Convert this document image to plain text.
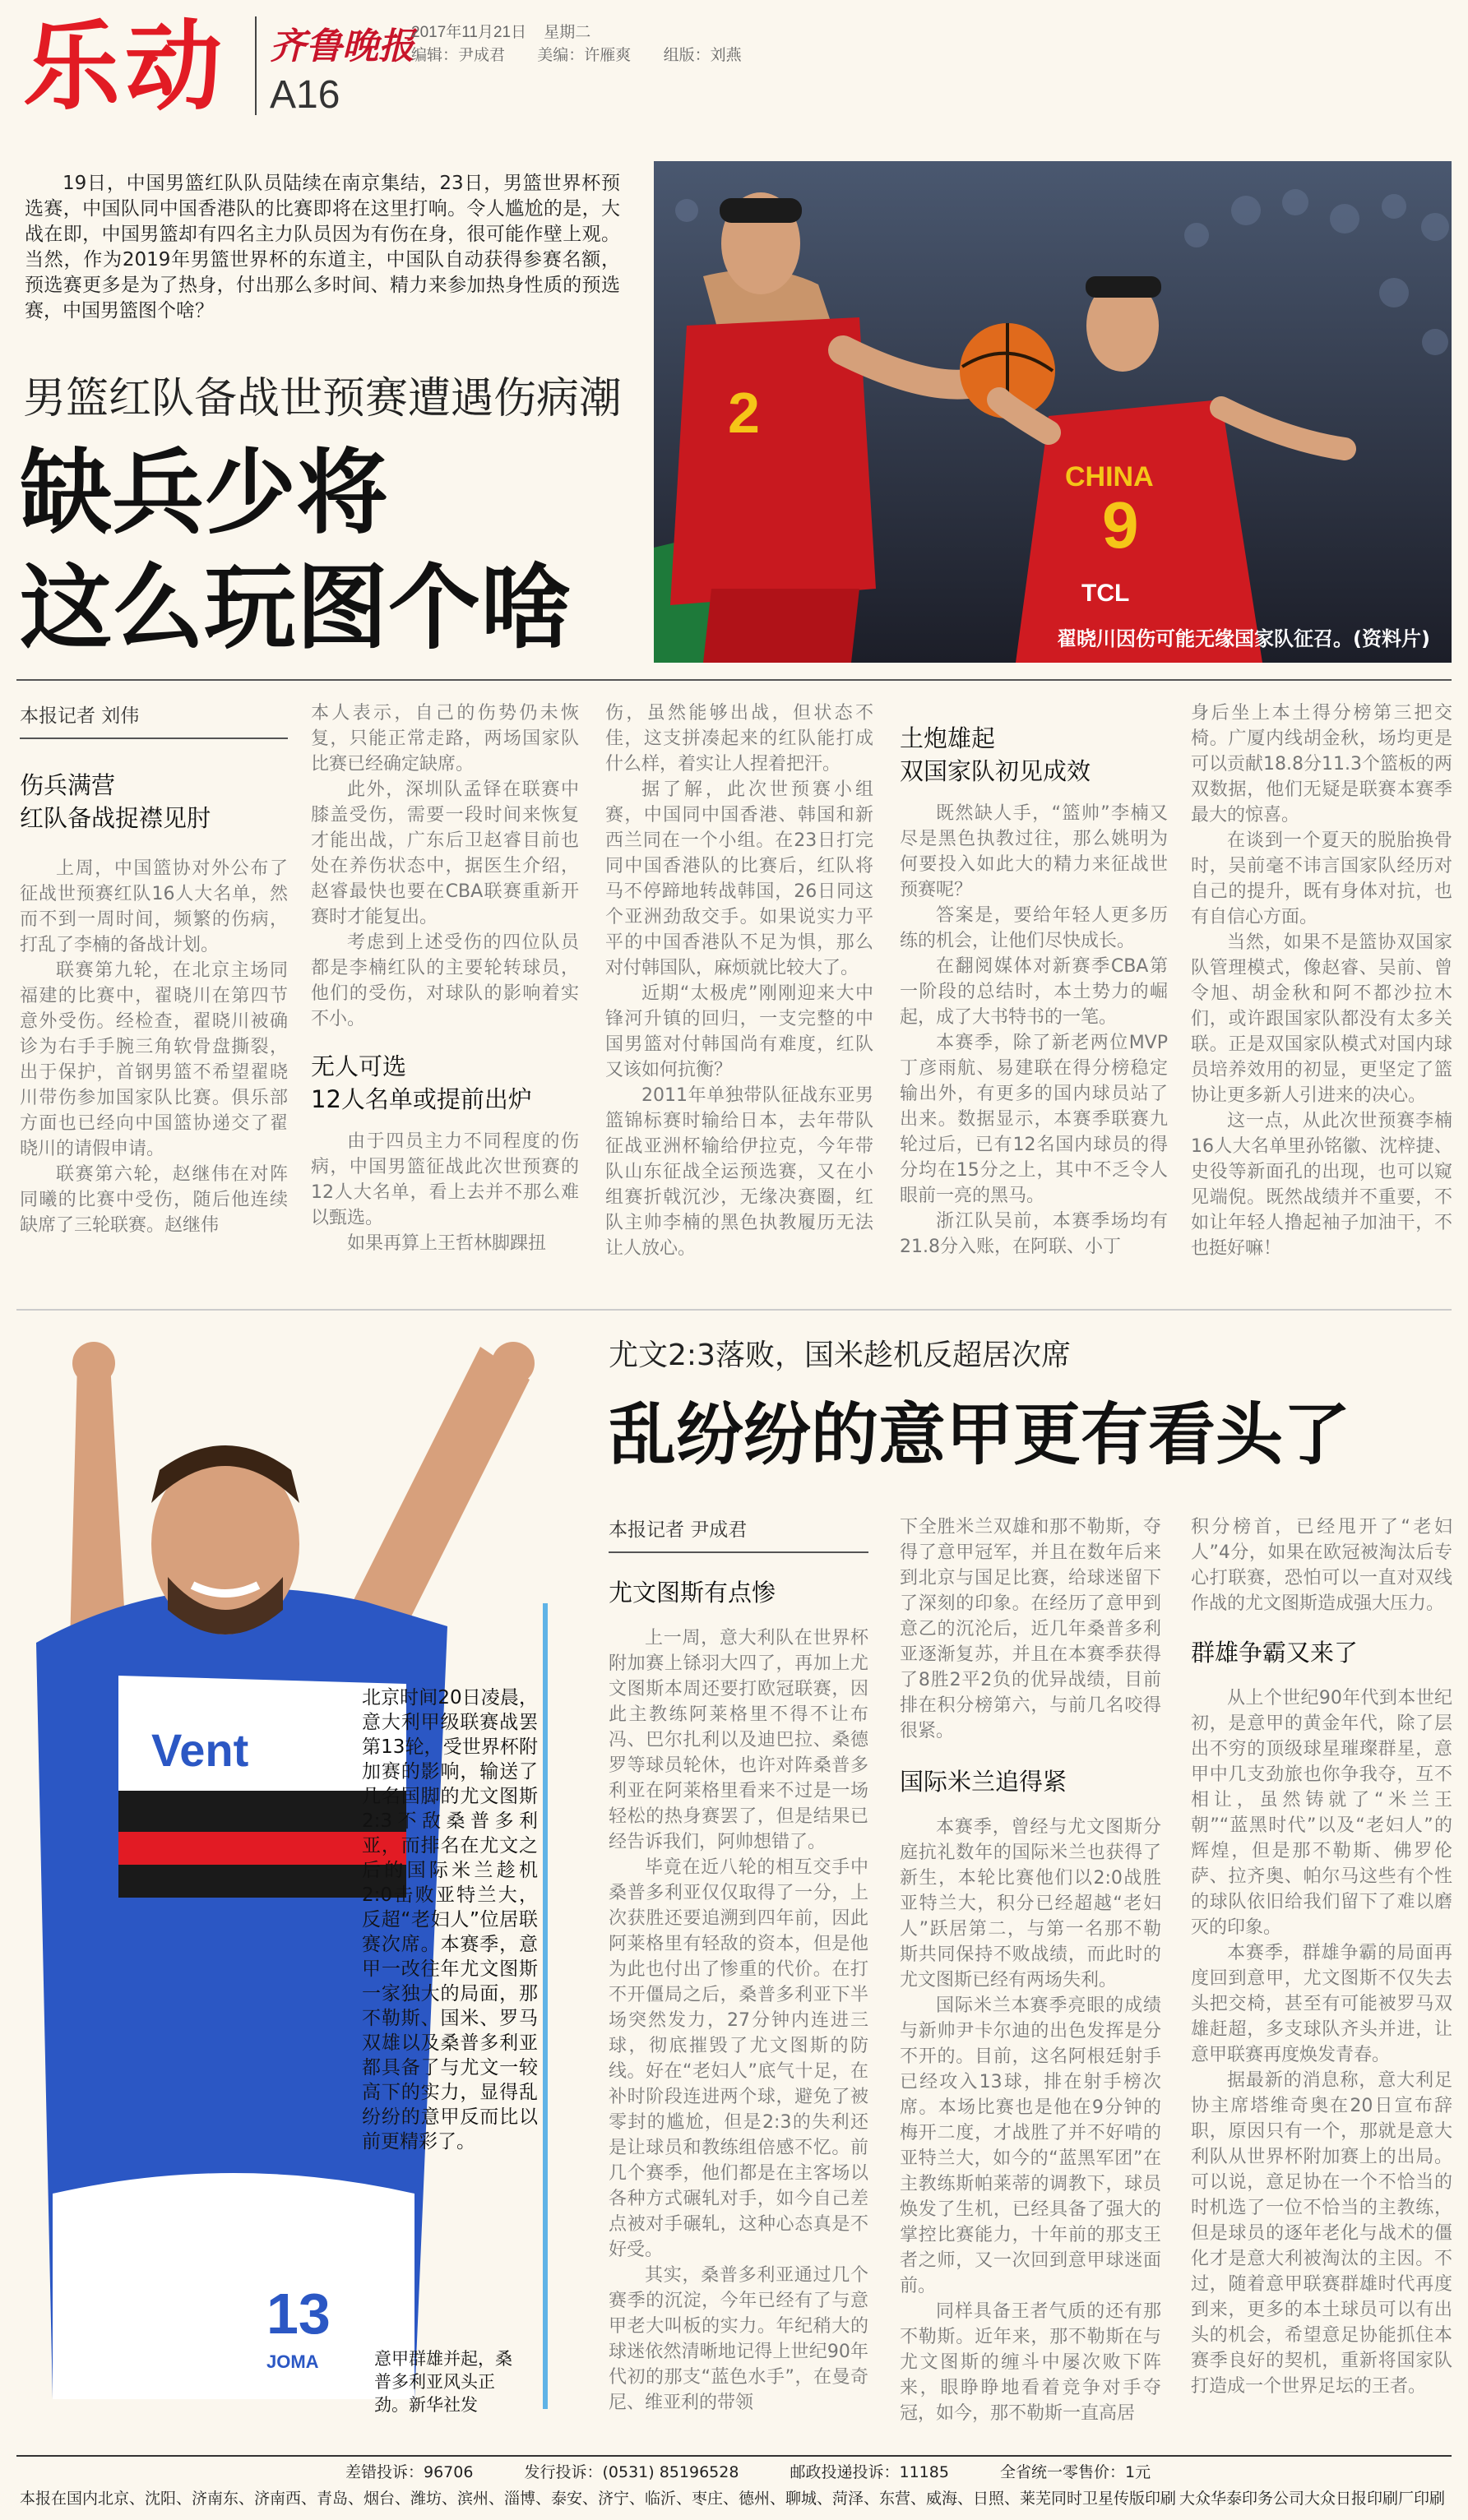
乐动	齐鲁晚报
A16
2017年11月21日 星期二
编辑：尹成君 美编：许雁爽 组版：刘燕
19日，中国男篮红队队员陆续在南京集结，23日，男篮世界杯预选赛，中国队同中国香港队的比赛即将在这里打响。令人尴尬的是，大战在即，中国男篮却有四名主力队员因为有伤在身，很可能作壁上观。当然，作为2019年男篮世界杯的东道主，中国队自动获得参赛名额，预选赛更多是为了热身，付出那么多时间、精力来参加热身性质的预选赛，中国男篮图个啥？
2
CHINA
9
TCL
翟晓川因伤可能无缘国家队征召。(资料片)
男篮红队备战世预赛遭遇伤病潮
缺兵少将
这么玩图个啥
本报记者 刘伟
伤兵满营
红队备战捉襟见肘

上周，中国篮协对外公布了征战世预赛红队16人大名单，然而不到一周时间，频繁的伤病，打乱了李楠的备战计划。

联赛第九轮，在北京主场同福建的比赛中，翟晓川在第四节意外受伤。经检查，翟晓川被确诊为右手手腕三角软骨盘撕裂，出于保护，首钢男篮不希望翟晓川带伤参加国家队比赛。俱乐部方面也已经向中国篮协递交了翟晓川的请假申请。

联赛第六轮，赵继伟在对阵同曦的比赛中受伤，随后他连续缺席了三轮联赛。赵继伟

本人表示，自己的伤势仍未恢复，只能正常走路，两场国家队比赛已经确定缺席。

此外，深圳队孟铎在联赛中膝盖受伤，需要一段时间来恢复才能出战，广东后卫赵睿目前也处在养伤状态中，据医生介绍，赵睿最快也要在CBA联赛重新开赛时才能复出。

考虑到上述受伤的四位队员都是李楠红队的主要轮转球员，他们的受伤，对球队的影响着实不小。

无人可选
12人名单或提前出炉

由于四员主力不同程度的伤病，中国男篮征战此次世预赛的12人大名单，看上去并不那么难以甄选。

如果再算上王哲林脚踝扭

伤，虽然能够出战，但状态不佳，这支拼凑起来的红队能打成什么样，着实让人捏着把汗。

据了解，此次世预赛小组赛，中国同中国香港、韩国和新西兰同在一个小组。在23日打完同中国香港队的比赛后，红队将马不停蹄地转战韩国，26日同这个亚洲劲敌交手。如果说实力平平的中国香港队不足为惧，那么对付韩国队，麻烦就比较大了。

近期“太极虎”刚刚迎来大中锋河升镇的回归，一支完整的中国男篮对付韩国尚有难度，红队又该如何抗衡？

2011年单独带队征战东亚男篮锦标赛时输给日本，去年带队征战亚洲杯输给伊拉克，今年带队山东征战全运预选赛，又在小组赛折戟沉沙，无缘决赛圈，红队主帅李楠的黑色执教履历无法让人放心。

土炮雄起
双国家队初见成效

既然缺人手，“篮帅”李楠又尽是黑色执教过往，那么姚明为何要投入如此大的精力来征战世预赛呢？

答案是，要给年轻人更多历练的机会，让他们尽快成长。

在翻阅媒体对新赛季CBA第一阶段的总结时，本土势力的崛起，成了大书特书的一笔。

本赛季，除了新老两位MVP丁彦雨航、易建联在得分榜稳定输出外，有更多的国内球员站了出来。数据显示，本赛季联赛九轮过后，已有12名国内球员的得分均在15分之上，其中不乏令人眼前一亮的黑马。

浙江队吴前，本赛季场均有21.8分入账，在阿联、小丁

身后坐上本土得分榜第三把交椅。广厦内线胡金秋，场均更是可以贡献18.8分11.3个篮板的两双数据，他们无疑是联赛本赛季最大的惊喜。

在谈到一个夏天的脱胎换骨时，吴前毫不讳言国家队经历对自己的提升，既有身体对抗，也有自信心方面。

当然，如果不是篮协双国家队管理模式，像赵睿、吴前、曾令旭、胡金秋和阿不都沙拉木们，或许跟国家队都没有太多关联。正是双国家队模式对国内球员培养效用的初显，更坚定了篮协让更多新人引进来的决心。

这一点，从此次世预赛李楠16人大名单里孙铭徽、沈梓捷、史役等新面孔的出现，也可以窥见端倪。既然战绩并不重要，不如让年轻人撸起袖子加油干，不也挺好嘛！

Vent
13
JOMA
北京时间20日凌晨，意大利甲级联赛战罢第13轮，受世界杯附加赛的影响，输送了几名国脚的尤文图斯2:3不敌桑普多利亚，而排名在尤文之后的国际米兰趁机2:0击败亚特兰大，反超“老妇人”位居联赛次席。本赛季，意甲一改往年尤文图斯一家独大的局面，那不勒斯、国米、罗马双雄以及桑普多利亚都具备了与尤文一较高下的实力，显得乱纷纷的意甲反而比以前更精彩了。
意甲群雄并起，桑普多利亚风头正劲。新华社发
尤文2:3落败，国米趁机反超居次席
乱纷纷的意甲更有看头了
本报记者 尹成君
尤文图斯有点惨

上一周，意大利队在世界杯附加赛上铩羽大四了，再加上尤文图斯本周还要打欧冠联赛，因此主教练阿莱格里不得不让布冯、巴尔扎利以及迪巴拉、桑德罗等球员轮休，也许对阵桑普多利亚在阿莱格里看来不过是一场轻松的热身赛罢了，但是结果已经告诉我们，阿帅想错了。

毕竟在近八轮的相互交手中桑普多利亚仅仅取得了一分，上次获胜还要追溯到四年前，因此阿莱格里有轻敌的资本，但是他为此也付出了惨重的代价。在打不开僵局之后，桑普多利亚下半场突然发力，27分钟内连进三球，彻底摧毁了尤文图斯的防线。好在“老妇人”底气十足，在补时阶段连进两个球，避免了被零封的尴尬，但是2:3的失利还是让球员和教练组倍感不忆。前几个赛季，他们都是在主客场以各种方式碾轧对手，如今自己差点被对手碾轧，这种心态真是不好受。

其实，桑普多利亚通过几个赛季的沉淀，今年已经有了与意甲老大叫板的实力。年纪稍大的球迷依然清晰地记得上世纪90年代初的那支“蓝色水手”，在曼奇尼、维亚利的带领

下全胜米兰双雄和那不勒斯，夺得了意甲冠军，并且在数年后来到北京与国足比赛，给球迷留下了深刻的印象。在经历了意甲到意乙的沉沦后，近几年桑普多利亚逐渐复苏，并且在本赛季获得了8胜2平2负的优异战绩，目前排在积分榜第六，与前几名咬得很紧。

国际米兰追得紧

本赛季，曾经与尤文图斯分庭抗礼数年的国际米兰也获得了新生，本轮比赛他们以2:0战胜亚特兰大，积分已经超越“老妇人”跃居第二，与第一名那不勒斯共同保持不败战绩，而此时的尤文图斯已经有两场失利。

国际米兰本赛季亮眼的成绩与新帅尹卡尔迪的出色发挥是分不开的。目前，这名阿根廷射手已经攻入13球，排在射手榜次席。本场比赛也是他在9分钟的梅开二度，才战胜了并不好啃的亚特兰大，如今的“蓝黑军团”在主教练斯帕莱蒂的调教下，球员焕发了生机，已经具备了强大的掌控比赛能力，十年前的那支王者之师，又一次回到意甲球迷面前。

同样具备王者气质的还有那不勒斯。近年来，那不勒斯在与尤文图斯的缠斗中屡次败下阵来，眼睁睁地看着竞争对手夺冠，如今，那不勒斯一直高居

积分榜首，已经甩开了“老妇人”4分，如果在欧冠被淘汰后专心打联赛，恐怕可以一直对双线作战的尤文图斯造成强大压力。

群雄争霸又来了

从上个世纪90年代到本世纪初，是意甲的黄金年代，除了层出不穷的顶级球星璀璨群星，意甲中几支劲旅也你争我夺，互不相让，虽然铸就了“米兰王朝”“蓝黑时代”以及“老妇人”的辉煌，但是那不勒斯、佛罗伦萨、拉齐奥、帕尔马这些有个性的球队依旧给我们留下了难以磨灭的印象。

本赛季，群雄争霸的局面再度回到意甲，尤文图斯不仅失去头把交椅，甚至有可能被罗马双雄赶超，多支球队齐头并进，让意甲联赛再度焕发青春。

据最新的消息称，意大利足协主席塔维奇奥在20日宣布辞职，原因只有一个，那就是意大利队从世界杯附加赛上的出局。可以说，意足协在一个不恰当的时机选了一位不恰当的主教练，但是球员的逐年老化与战术的僵化才是意大利被淘汰的主因。不过，随着意甲联赛群雄时代再度到来，更多的本土球员可以有出头的机会，希望意足协能抓住本赛季良好的契机，重新将国家队打造成一个世界足坛的王者。

差错投诉：96706	发行投诉：(0531) 85196528	邮政投递投诉：11185	全省统一零售价：1元
本报在国内北京、沈阳、济南东、济南西、青岛、烟台、潍坊、滨州、淄博、泰安、济宁、临沂、枣庄、德州、聊城、菏泽、东营、威海、日照、莱芜同时卫星传版印刷 大众华泰印务公司大众日报印刷厂印刷
